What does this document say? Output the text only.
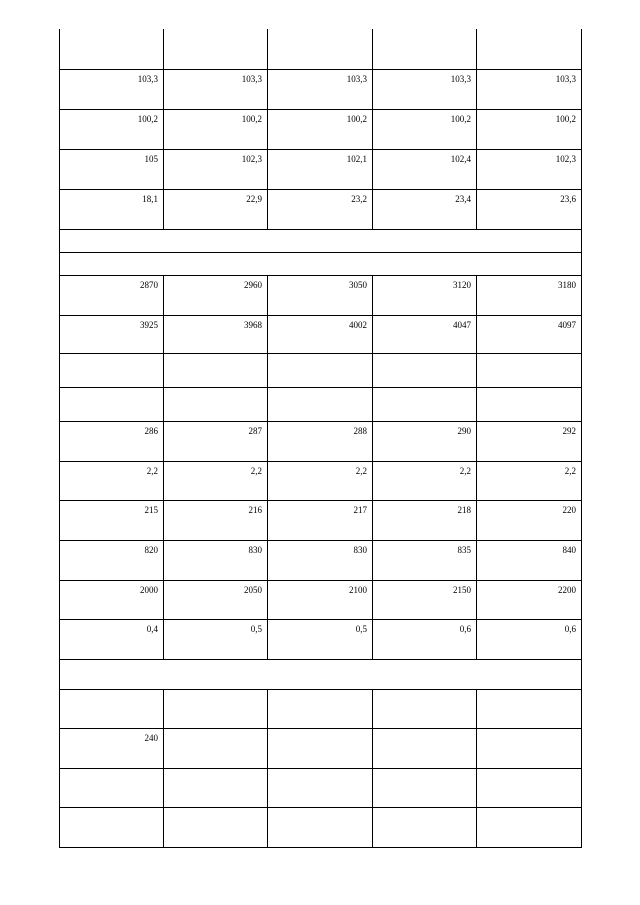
103,3	103,3	103,3	103,3	103,3
100,2	100,2	100,2	100,2	100,2
105	102,3	102,1	102,4	102,3
18,1	22,9	23,2	23,4	23,6

2870	2960	3050	3120	3180
3925	3968	4002	4047	4097

286	287	288	290	292
2,2	2,2	2,2	2,2	2,2
215	216	217	218	220
820	830	830	835	840
2000	2050	2100	2150	2200
0,4	0,5	0,5	0,6	0,6

240				
